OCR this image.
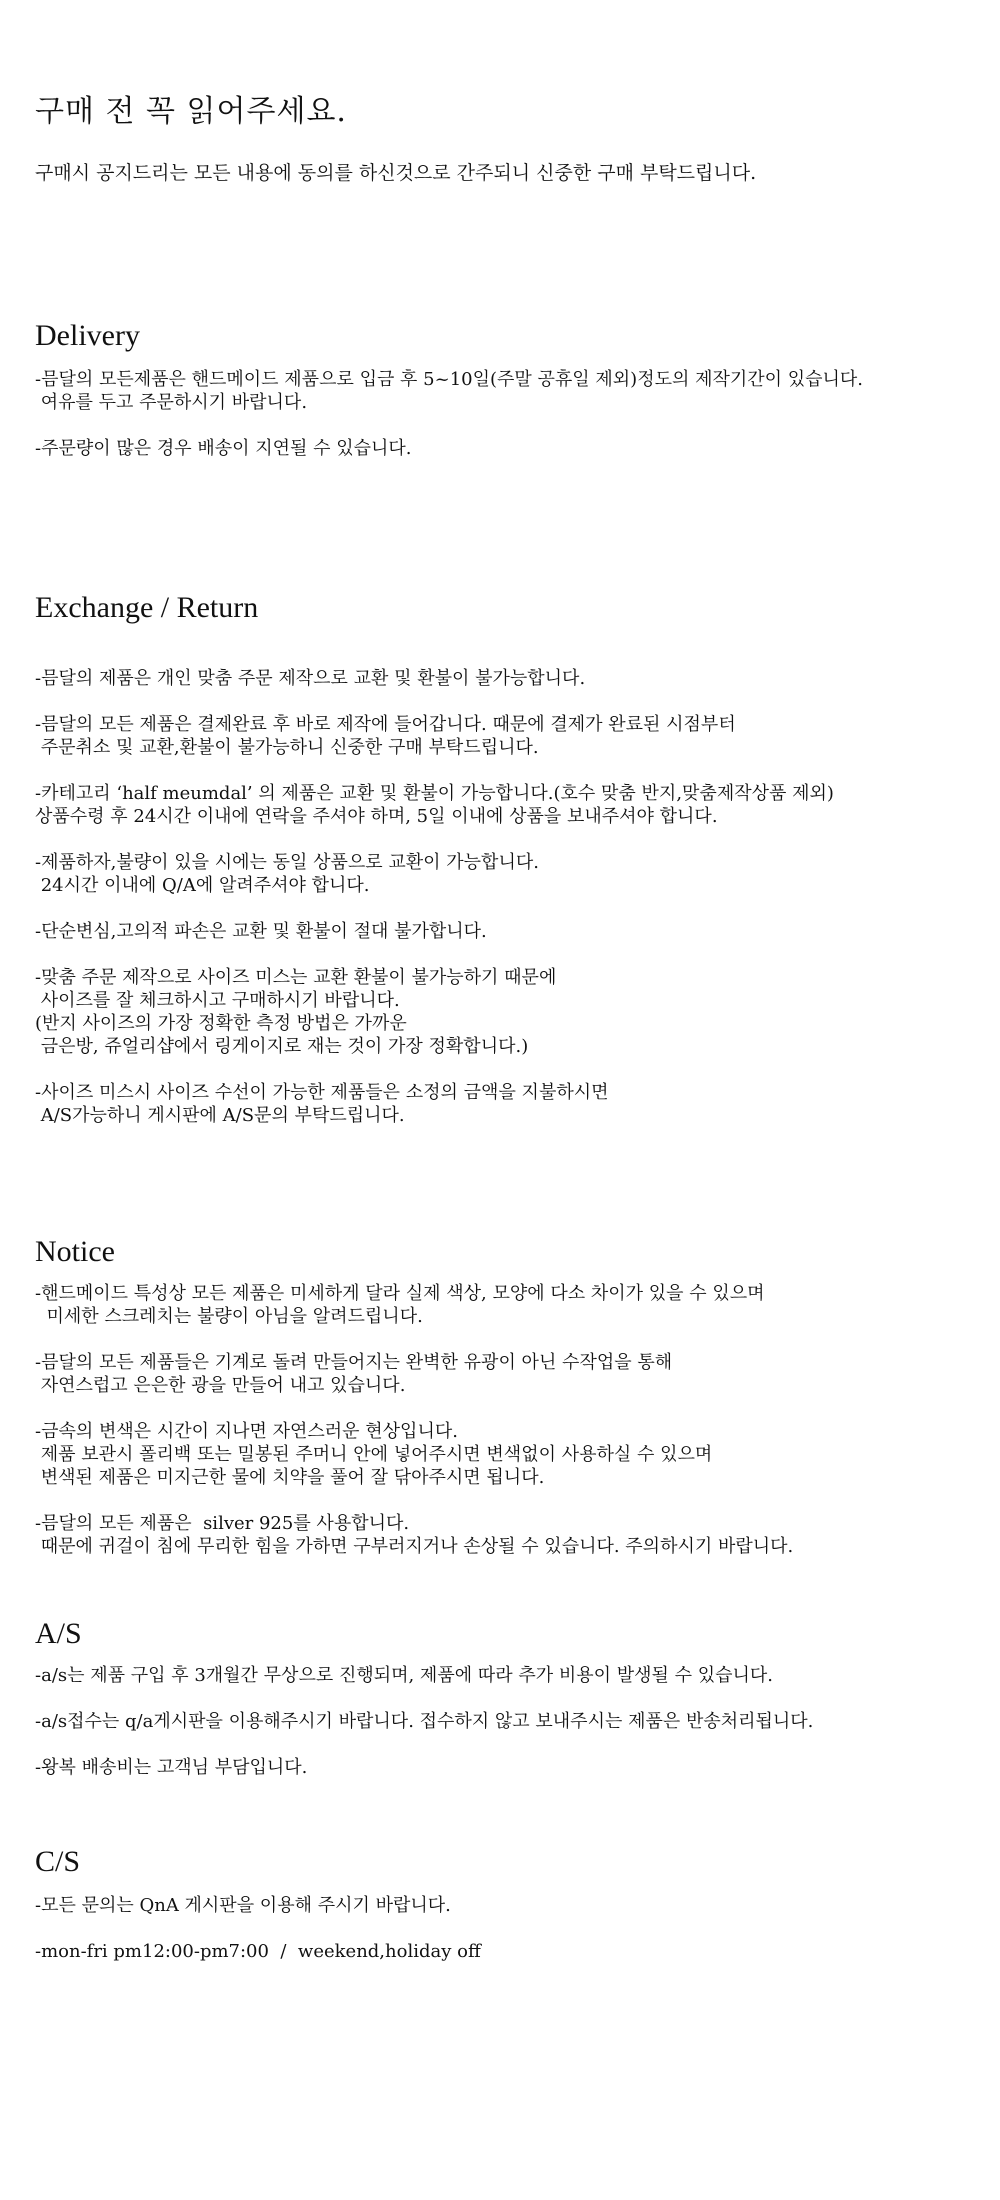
구매 전 꼭 읽어주세요.

구매시 공지드리는 모든 내용에 동의를 하신것으로 간주되니 신중한 구매 부탁드립니다.

Delivery

-믐달의 모든제품은 핸드메이드 제품으로 입금 후 5~10일(주말 공휴일 제외)정도의 제작기간이 있습니다.
여유를 두고 주문하시기 바랍니다.

-주문량이 많은 경우 배송이 지연될 수 있습니다.

Exchange / Return

-믐달의 제품은 개인 맞춤 주문 제작으로 교환 및 환불이 불가능합니다.

-믐달의 모든 제품은 결제완료 후 바로 제작에 들어갑니다. 때문에 결제가 완료된 시점부터
주문취소 및 교환,환불이 불가능하니 신중한 구매 부탁드립니다.

-카테고리 ‘half meumdal’ 의 제품은 교환 및 환불이 가능합니다.(호수 맞춤 반지,맞춤제작상품 제외)
상품수령 후 24시간 이내에 연락을 주셔야 하며, 5일 이내에 상품을 보내주셔야 합니다.

-제품하자,불량이 있을 시에는 동일 상품으로 교환이 가능합니다.
24시간 이내에 Q/A에 알려주셔야 합니다.

-단순변심,고의적 파손은 교환 및 환불이 절대 불가합니다.

-맞춤 주문 제작으로 사이즈 미스는 교환 환불이 불가능하기 때문에
사이즈를 잘 체크하시고 구매하시기 바랍니다.
(반지 사이즈의 가장 정확한 측정 방법은 가까운
금은방, 쥬얼리샵에서 링게이지로 재는 것이 가장 정확합니다.)

-사이즈 미스시 사이즈 수선이 가능한 제품들은 소정의 금액을 지불하시면
A/S가능하니 게시판에 A/S문의 부탁드립니다.

Notice

-핸드메이드 특성상 모든 제품은 미세하게 달라 실제 색상, 모양에 다소 차이가 있을 수 있으며
미세한 스크레치는 불량이 아님을 알려드립니다.

-믐달의 모든 제품들은 기계로 돌려 만들어지는 완벽한 유광이 아닌 수작업을 통해
자연스럽고 은은한 광을 만들어 내고 있습니다.

-금속의 변색은 시간이 지나면 자연스러운 현상입니다.
제품 보관시 폴리백 또는 밀봉된 주머니 안에 넣어주시면 변색없이 사용하실 수 있으며
변색된 제품은 미지근한 물에 치약을 풀어 잘 닦아주시면 됩니다.

-믐달의 모든 제품은  silver 925를 사용합니다.
때문에 귀걸이 침에 무리한 힘을 가하면 구부러지거나 손상될 수 있습니다. 주의하시기 바랍니다.

A/S

-a/s는 제품 구입 후 3개월간 무상으로 진행되며, 제품에 따라 추가 비용이 발생될 수 있습니다.

-a/s접수는 q/a게시판을 이용해주시기 바랍니다. 접수하지 않고 보내주시는 제품은 반송처리됩니다.

-왕복 배송비는 고객님 부담입니다.

C/S

-모든 문의는 QnA 게시판을 이용해 주시기 바랍니다.

-mon-fri pm12:00-pm7:00  /  weekend,holiday off
